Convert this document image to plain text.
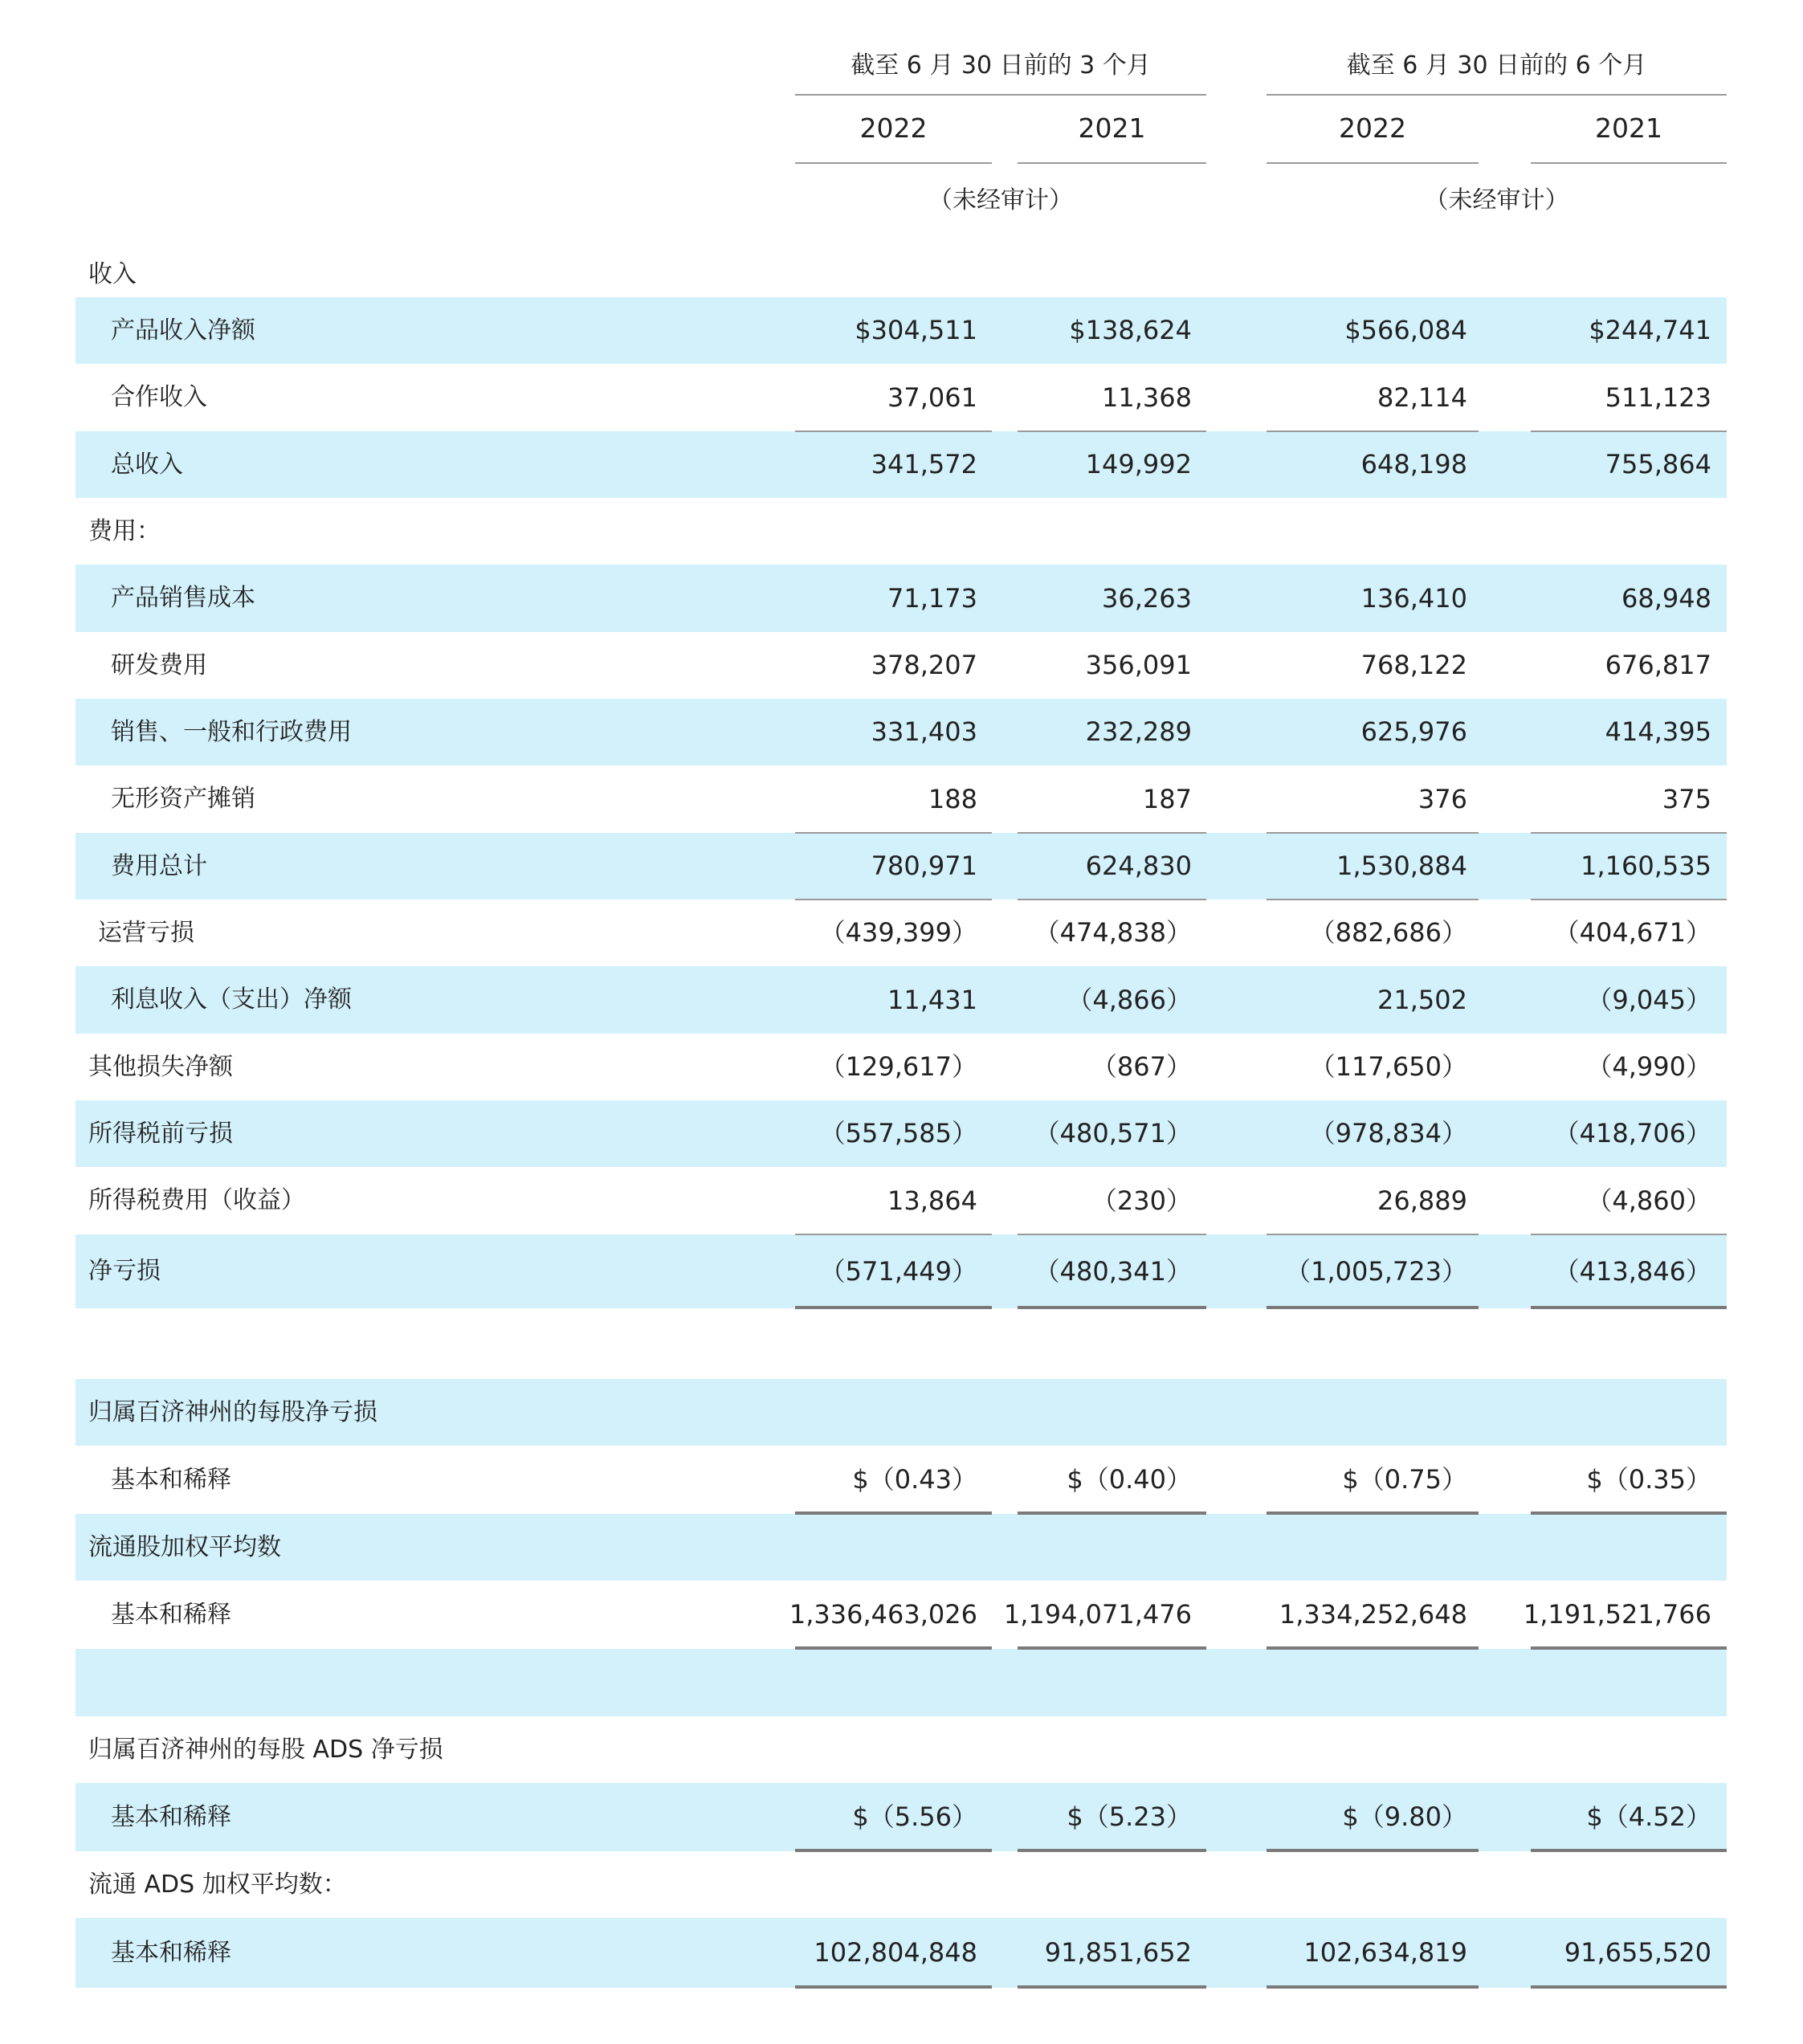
截至 6 月 30 日前的 3 个月	截至 6 月 30 日前的 6 个月
2022	2021	2022	2021
（未经审计）	（未经审计）
收入
产品收入净额	$304,511	$138,624	$566,084	$244,741
合作收入	37,061	11,368	82,114	511,123
总收入	341,572	149,992	648,198	755,864
费用：
产品销售成本	71,173	36,263	136,410	68,948
研发费用	378,207	356,091	768,122	676,817
销售、一般和行政费用	331,403	232,289	625,976	414,395
无形资产摊销	188	187	376	375
费用总计	780,971	624,830	1,530,884	1,160,535
运营亏损	（439,399） （474,838）	（882,686）	（404,671）
利息收入（支出）净额	11,431	（4,866）	21,502	（9,045）
其他损失净额	（129,617）	（867）	（117,650）	（4,990）
所得税前亏损	（557,585） （480,571）	（978,834）	（418,706）
所得税费用（收益）	13,864	（230）	26,889	（4,860）
净亏损	（571,449） （480,341）	（1,005,723）	（413,846）
归属百济神州的每股净亏损
基本和稀释	$（0.43）	$（0.40）	$（0.75）	$（0.35）
流通股加权平均数
基本和稀释	1,336,463,026 1,194,071,476	1,334,252,648 1,191,521,766
归属百济神州的每股 ADS 净亏损
基本和稀释	$（5.56）	$（5.23）	$（9.80）	$（4.52）
流通 ADS 加权平均数：
基本和稀释	102,804,848	91,851,652	102,634,819	91,655,520
